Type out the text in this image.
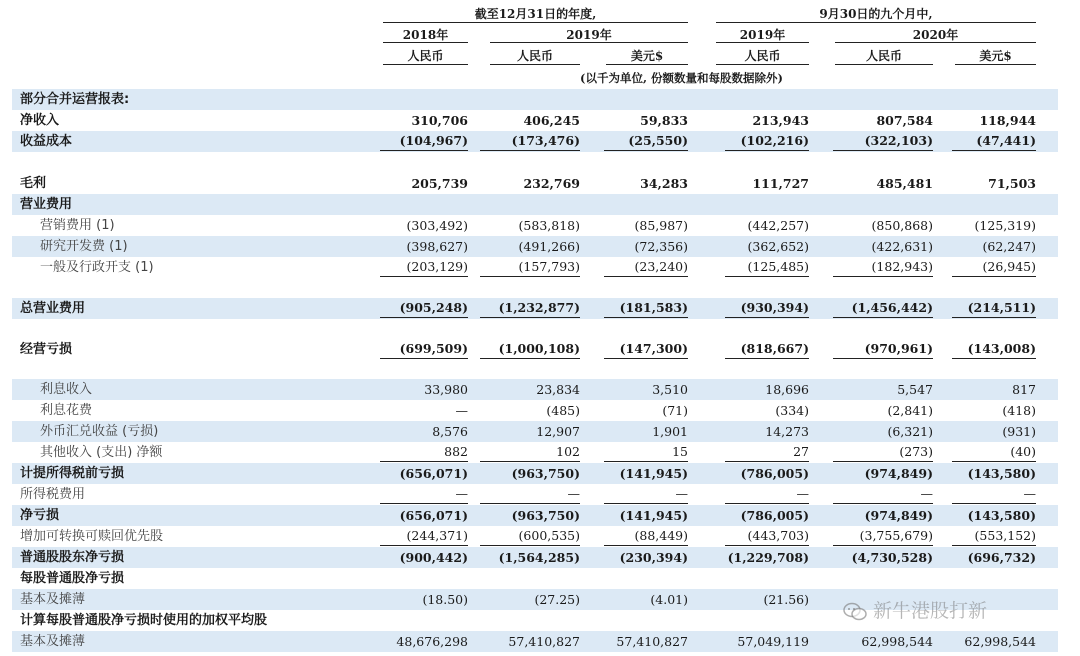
截至12月31日的年度,	9月30日的九个月中,
2018年	2019年	2019年	2020年
人民币	人民币	美元$	人民币	人民币	美元$
(以千为单位, 份额数量和每股数据除外)
部分合并运营报表:
净收入	310,706	406,245	59,833	213,943	807,584	118,944
收益成本	(104,967)	(173,476)	(25,550)	(102,216)	(322,103)	(47,441)
毛利	205,739	232,769	34,283	111,727	485,481	71,503
营业费用
营销费用 (1)	(303,492)	(583,818)	(85,987)	(442,257)	(850,868)	(125,319)
研究开发费 (1)	(398,627)	(491,266)	(72,356)	(362,652)	(422,631)	(62,247)
一般及行政开支 (1)	(203,129)	(157,793)	(23,240)	(125,485)	(182,943)	(26,945)
总营业费用	(905,248)	(1,232,877)	(181,583)	(930,394)	(1,456,442)	(214,511)
经营亏损	(699,509)	(1,000,108)	(147,300)	(818,667)	(970,961)	(143,008)
利息收入	33,980	23,834	3,510	18,696	5,547	817
利息花费	—	(485)	(71)	(334)	(2,841)	(418)
外币汇兑收益 (亏损)	8,576	12,907	1,901	14,273	(6,321)	(931)
其他收入 (支出) 净额	882	102	15	27	(273)	(40)
计提所得税前亏损	(656,071)	(963,750)	(141,945)	(786,005)	(974,849)	(143,580)
所得税费用	—	—	—	—	—	—
净亏损	(656,071)	(963,750)	(141,945)	(786,005)	(974,849)	(143,580)
增加可转换可赎回优先股	(244,371)	(600,535)	(88,449)	(443,703)	(3,755,679)	(553,152)
普通股股东净亏损	(900,442)	(1,564,285)	(230,394)	(1,229,708)	(4,730,528)	(696,732)
每股普通股净亏损
基本及摊薄	(18.50)	(27.25)	(4.01)	(21.56)
计算每股普通股净亏损时使用的加权平均股
基本及摊薄	48,676,298	57,410,827	57,410,827	57,049,119	62,998,544	62,998,544
新牛港股打新
